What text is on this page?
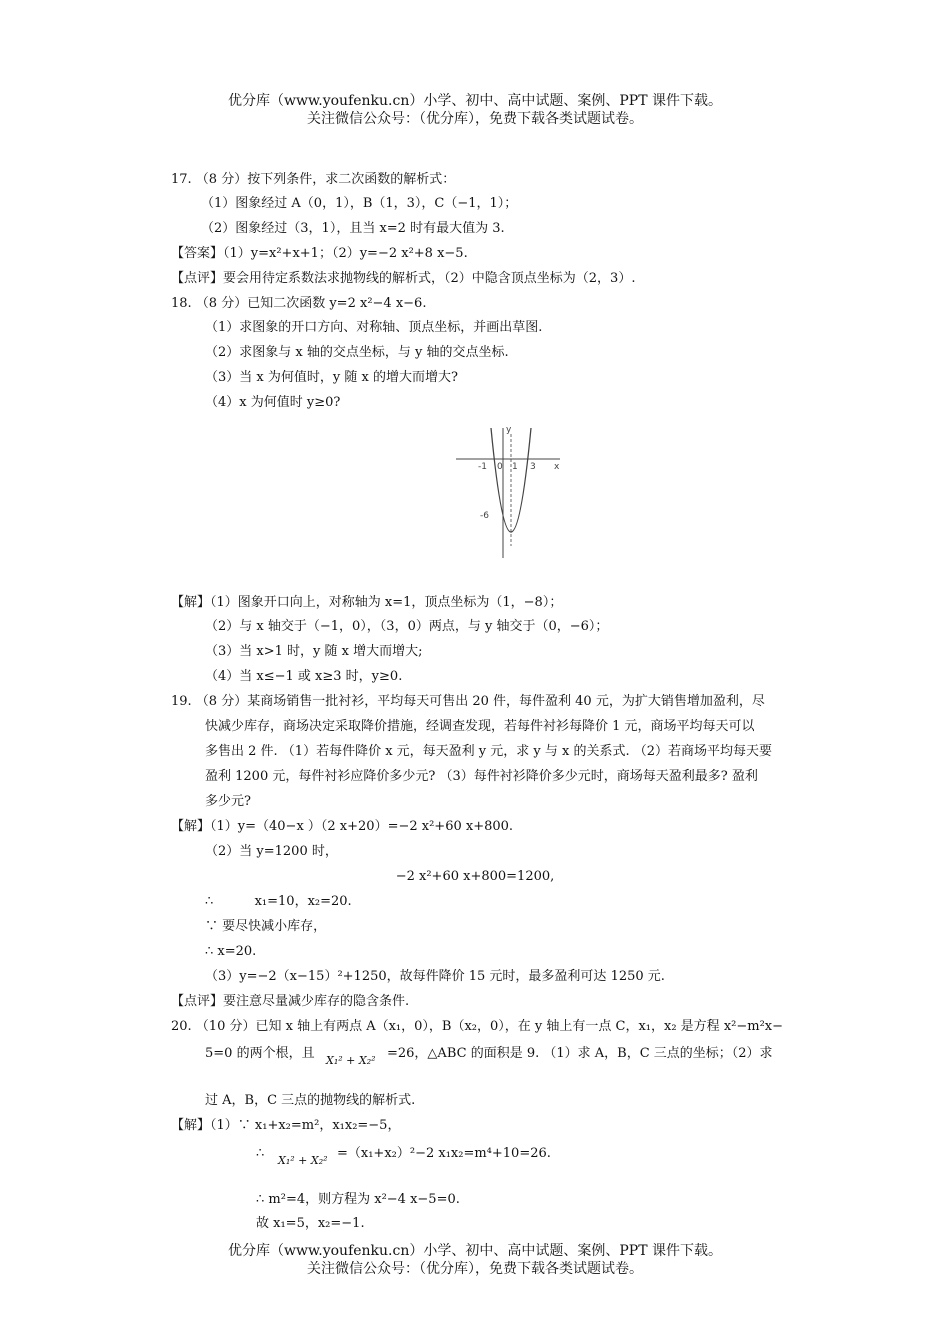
优分库（www.youfenku.cn）小学、初中、高中试题、案例、PPT 课件下载。
关注微信公众号：（优分库），免费下载各类试题试卷。
17. （8 分）按下列条件，求二次函数的解析式：
（1）图象经过 A（0，1），B（1，3），C（−1，1）；
（2）图象经过（3，1），且当 x=2 时有最大值为 3.
【答案】（1）y=x²+x+1；（2）y=−2 x²+8 x−5.
【点评】要会用待定系数法求抛物线的解析式，（2）中隐含顶点坐标为（2，3）.
18. （8 分）已知二次函数 y=2 x²−4 x−6.
（1）求图象的开口方向、对称轴、顶点坐标，并画出草图.
（2）求图象与 x 轴的交点坐标，与 y 轴的交点坐标.
（3）当 x 为何值时，y 随 x 的增大而增大?
（4）x 为何值时 y≥0?
y
x
-1 0 1 3
-6
【解】（1）图象开口向上，对称轴为 x=1，顶点坐标为（1，−8）；
（2）与 x 轴交于（−1，0），（3，0）两点，与 y 轴交于（0，−6）；
（3）当 x>1 时，y 随 x 增大而增大;
（4）当 x≤−1 或 x≥3 时，y≥0.
19. （8 分）某商场销售一批衬衫，平均每天可售出 20 件，每件盈利 40 元，为扩大销售增加盈利，尽
快减少库存，商场决定采取降价措施，经调查发现，若每件衬衫每降价 1 元，商场平均每天可以
多售出 2 件. （1）若每件降价 x 元，每天盈利 y 元，求 y 与 x 的关系式. （2）若商场平均每天要
盈利 1200 元，每件衬衫应降价多少元? （3）每件衬衫降价多少元时，商场每天盈利最多? 盈利
多少元?
【解】（1）y=（40−x ）（2 x+20）=−2 x²+60 x+800.
（2）当 y=1200 时，
−2 x²+60 x+800=1200,
∴          x₁=10，x₂=20.
∵ 要尽快减小库存，
∴ x=20.
（3）y=−2（x−15）²+1250，故每件降价 15 元时，最多盈利可达 1250 元.
【点评】要注意尽量减少库存的隐含条件.
20. （10 分）已知 x 轴上有两点 A（x₁，0），B（x₂，0），在 y 轴上有一点 C，x₁，x₂ 是方程 x²−m²x−
5=0 的两个根，且 X₁² + X₂² =26，△ABC 的面积是 9. （1）求 A，B，C 三点的坐标；（2）求
过 A，B，C 三点的抛物线的解析式.
【解】（1）∵ x₁+x₂=m²，x₁x₂=−5，
∴ X₁² + X₂² =（x₁+x₂）²−2 x₁x₂=m⁴+10=26.
∴ m²=4，则方程为 x²−4 x−5=0.
故 x₁=5，x₂=−1.
优分库（www.youfenku.cn）小学、初中、高中试题、案例、PPT 课件下载。
关注微信公众号：（优分库），免费下载各类试题试卷。
